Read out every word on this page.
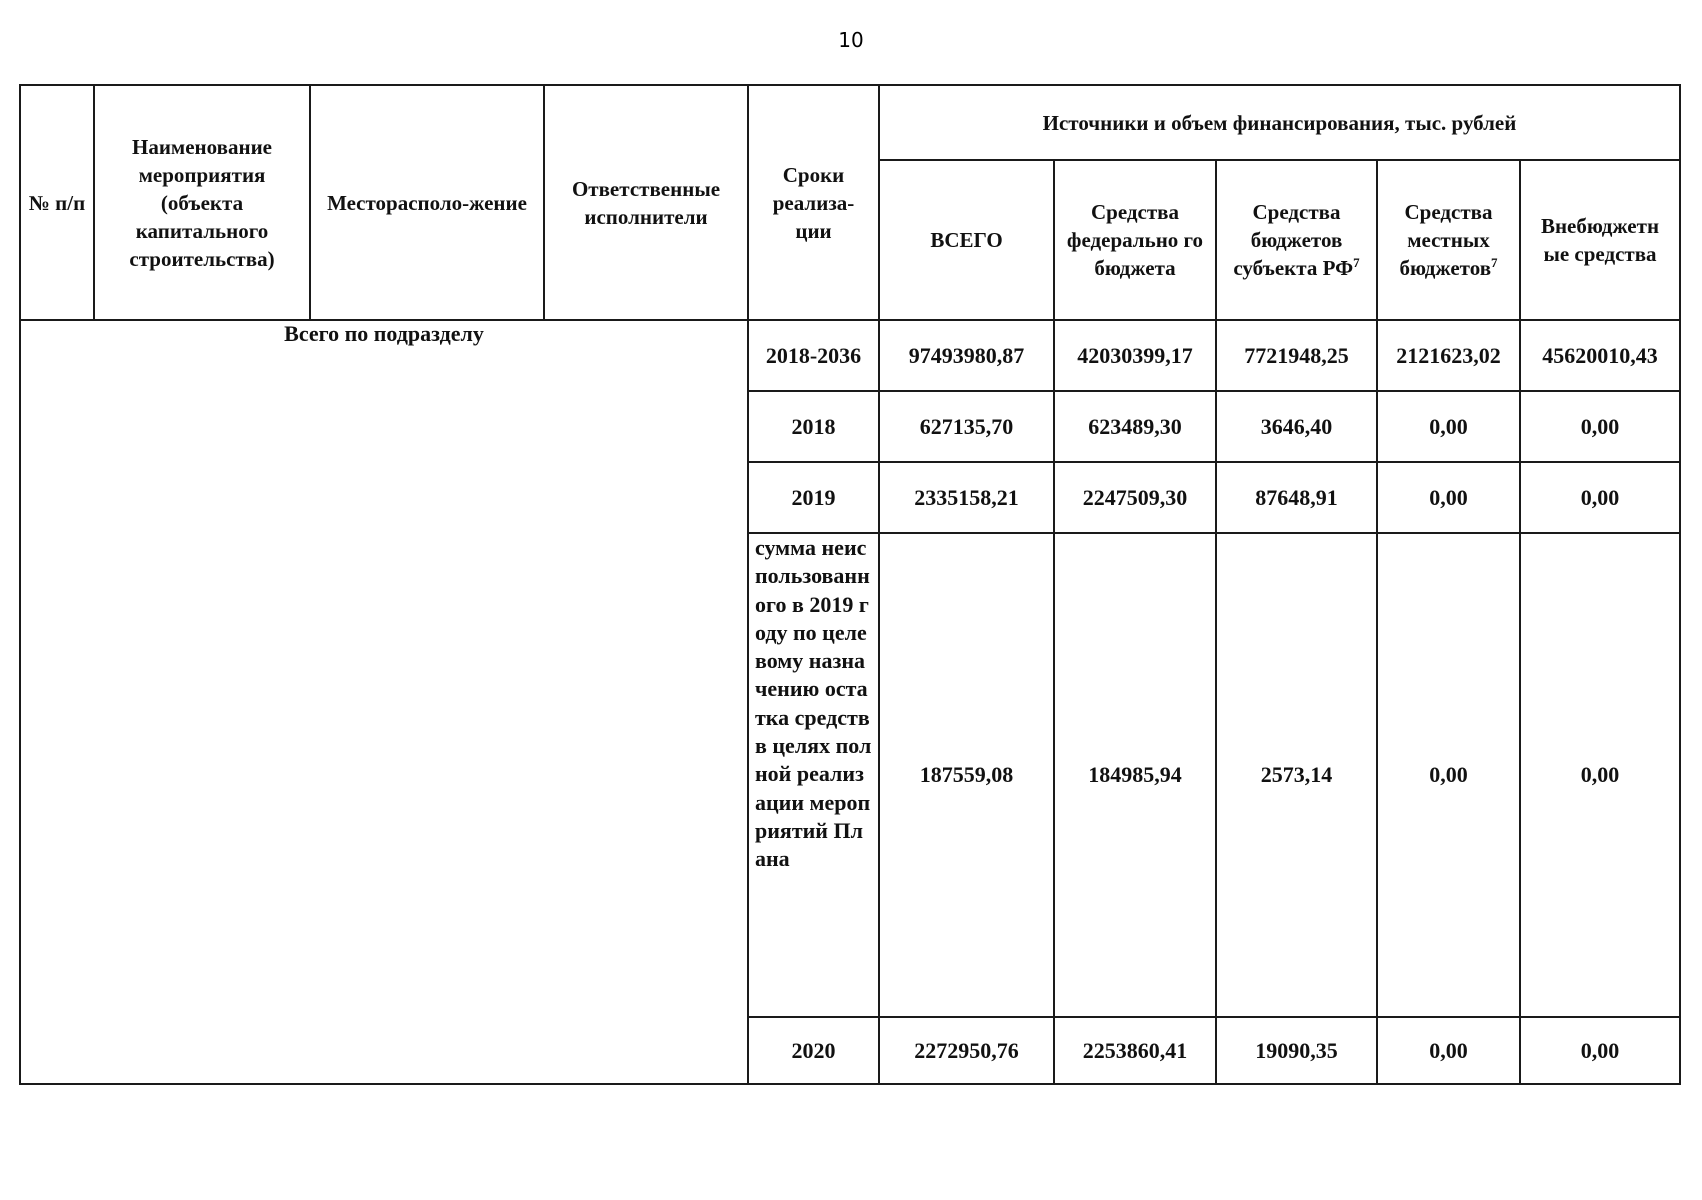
10
№ п/п	Наименование мероприятия (объекта капитального строительства)	Месторасполо-жение	Ответственные исполнители	Сроки реализа-ции	Источники и объем финансирования, тыс. рублей				
					ВСЕГО	Средства федерально го бюджета	Средства бюджетов субъекта $РФ^7$	Средства местных бюджетов$^7$	Внебюджетн ые средства
Всего по подразделу				2018-2036	97493980,87	42030399,17	7721948,25	2121623,02	45620010,43
				2018	627135,70	623489,30	3646,40	0,00	0,00
				2019	2335158,21	2247509,30	87648,91	0,00	0,00
				сумма неиспользованного в 2019 году по целевому назначению остатка средств в целях полной реализации мероприятий Плана	187559,08	184985,94	2573,14	0,00	0,00
				2020	2272950,76	2253860,41	19090,35	0,00	0,00
